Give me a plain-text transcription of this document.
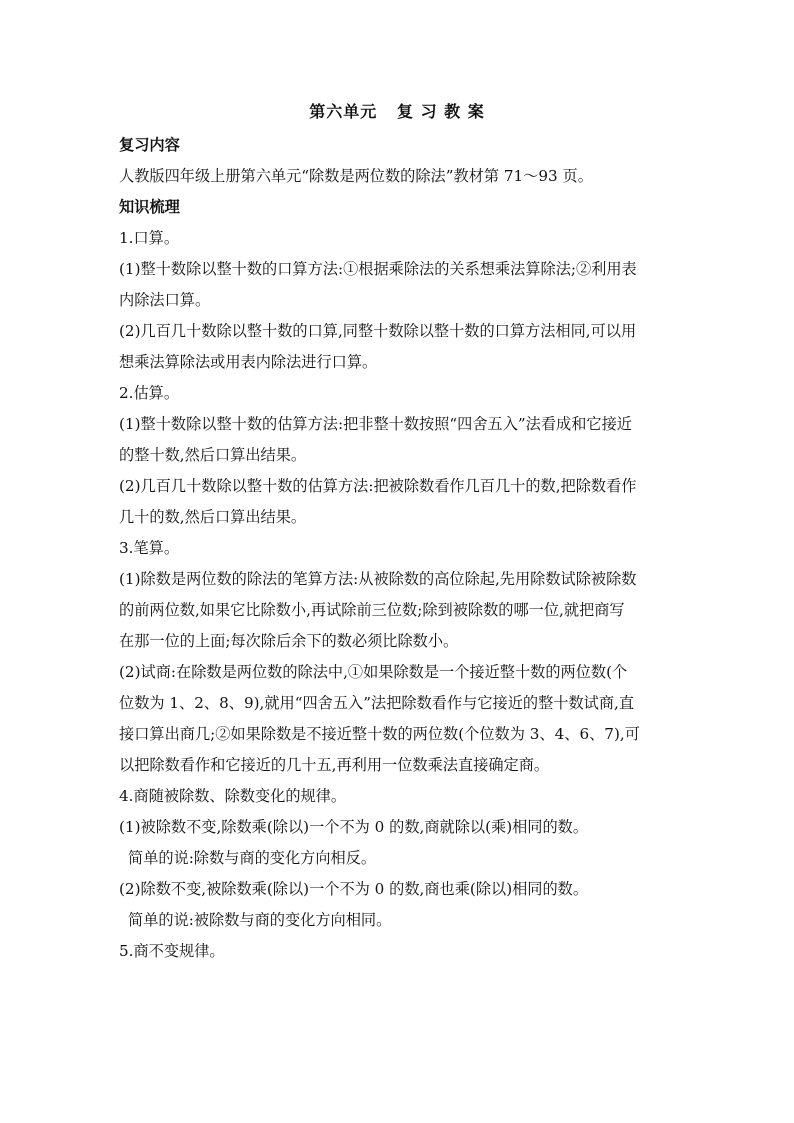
第六单元   复 习 教 案
复习内容
人教版四年级上册第六单元“除数是两位数的除法”教材第 71～93 页。
知识梳理
1.口算。
(1)整十数除以整十数的口算方法:①根据乘除法的关系想乘法算除法;②利用表
内除法口算。
(2)几百几十数除以整十数的口算,同整十数除以整十数的口算方法相同,可以用
想乘法算除法或用表内除法进行口算。
2.估算。
(1)整十数除以整十数的估算方法:把非整十数按照“四舍五入”法看成和它接近
的整十数,然后口算出结果。
(2)几百几十数除以整十数的估算方法:把被除数看作几百几十的数,把除数看作
几十的数,然后口算出结果。
3.笔算。
(1)除数是两位数的除法的笔算方法:从被除数的高位除起,先用除数试除被除数
的前两位数,如果它比除数小,再试除前三位数;除到被除数的哪一位,就把商写
在那一位的上面;每次除后余下的数必须比除数小。
(2)试商:在除数是两位数的除法中,①如果除数是一个接近整十数的两位数(个
位数为 1、2、8、9),就用“四舍五入”法把除数看作与它接近的整十数试商,直
接口算出商几;②如果除数是不接近整十数的两位数(个位数为 3、4、6、7),可
以把除数看作和它接近的几十五,再利用一位数乘法直接确定商。
4.商随被除数、除数变化的规律。
(1)被除数不变,除数乘(除以)一个不为 0 的数,商就除以(乘)相同的数。
简单的说:除数与商的变化方向相反。
(2)除数不变,被除数乘(除以)一个不为 0 的数,商也乘(除以)相同的数。
简单的说:被除数与商的变化方向相同。
5.商不变规律。
